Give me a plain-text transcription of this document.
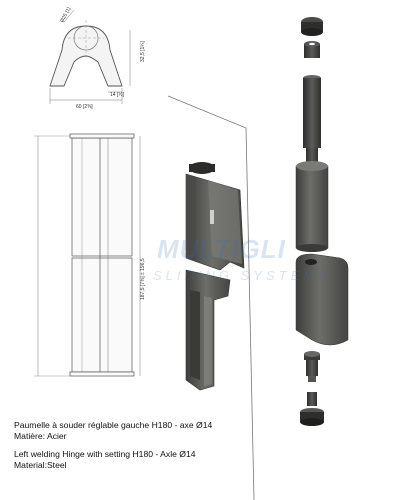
Ø25 [1]
32,5 [1¼]
14 [½]
60 [2⅜]
187,5 [7⅜] ± 196,5 SLIDING SYSTEMS
Paumelle à souder réglable gauche H180 - axe Ø14
Matière: Acier
Left welding Hinge with setting H180 - Axle Ø14
Material:Steel
